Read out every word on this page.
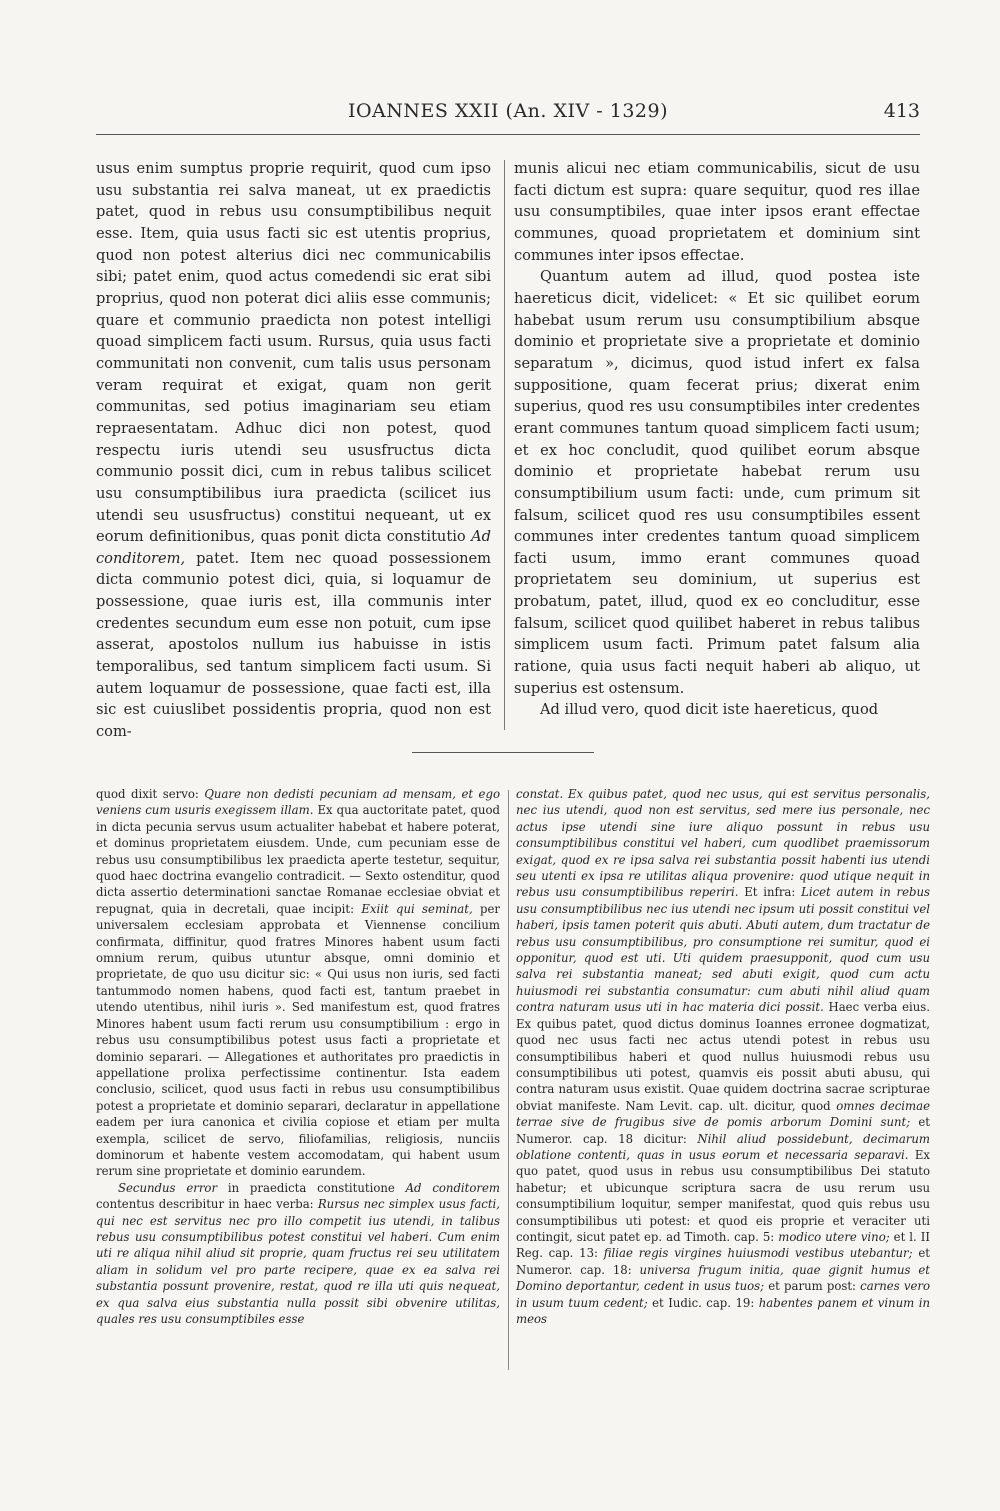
IOANNES XXII (An. XIV - 1329)	413

usus enim sumptus proprie requirit, quod cum ipso usu substantia rei salva maneat, ut ex praedictis patet, quod in rebus usu consumptibilibus nequit esse. Item, quia usus facti sic est utentis proprius, quod non potest alterius dici nec communicabilis sibi; patet enim, quod actus comedendi sic erat sibi proprius, quod non poterat dici aliis esse communis; quare et communio praedicta non potest intelligi quoad simplicem facti usum. Rursus, quia usus facti communitati non convenit, cum talis usus personam veram requirat et exigat, quam non gerit communitas, sed potius imaginariam seu etiam repraesentatam. Adhuc dici non potest, quod respectu iuris utendi seu ususfructus dicta communio possit dici, cum in rebus talibus scilicet usu consumptibilibus iura praedicta (scilicet ius utendi seu ususfructus) constitui nequeant, ut ex eorum definitionibus, quas ponit dicta constitutio Ad conditorem, patet. Item nec quoad possessionem dicta communio potest dici, quia, si loquamur de possessione, quae iuris est, illa communis inter credentes secundum eum esse non potuit, cum ipse asserat, apostolos nullum ius habuisse in istis temporalibus, sed tantum simplicem facti usum. Si autem loquamur de possessione, quae facti est, illa sic est cuiuslibet possidentis propria, quod non est com-

munis alicui nec etiam communicabilis, sicut de usu facti dictum est supra: quare sequitur, quod res illae usu consumptibiles, quae inter ipsos erant effectae communes, quoad proprietatem et dominium sint communes inter ipsos effectae.

Quantum autem ad illud, quod postea iste haereticus dicit, videlicet: « Et sic quilibet eorum habebat usum rerum usu consumptibilium absque dominio et proprietate sive a proprietate et dominio separatum », dicimus, quod istud infert ex falsa suppositione, quam fecerat prius; dixerat enim superius, quod res usu consumptibiles inter credentes erant communes tantum quoad simplicem facti usum; et ex hoc concludit, quod quilibet eorum absque dominio et proprietate habebat rerum usu consumptibilium usum facti: unde, cum primum sit falsum, scilicet quod res usu consumptibiles essent communes inter credentes tantum quoad simplicem facti usum, immo erant communes quoad proprietatem seu dominium, ut superius est probatum, patet, illud, quod ex eo concluditur, esse falsum, scilicet quod quilibet haberet in rebus talibus simplicem usum facti. Primum patet falsum alia ratione, quia usus facti nequit haberi ab aliquo, ut superius est ostensum.

Ad illud vero, quod dicit iste haereticus, quod

quod dixit servo: Quare non dedisti pecuniam ad mensam, et ego veniens cum usuris exegissem illam. Ex qua auctoritate patet, quod in dicta pecunia servus usum actualiter habebat et habere poterat, et dominus proprietatem eiusdem. Unde, cum pecuniam esse de rebus usu consumptibilibus lex praedicta aperte testetur, sequitur, quod haec doctrina evangelio contradicit. — Sexto ostenditur, quod dicta assertio determinationi sanctae Romanae ecclesiae obviat et repugnat, quia in decretali, quae incipit: Exiit qui seminat, per universalem ecclesiam approbata et Viennense concilium confirmata, diffinitur, quod fratres Minores habent usum facti omnium rerum, quibus utuntur absque, omni dominio et proprietate, de quo usu dicitur sic: « Qui usus non iuris, sed facti tantummodo nomen habens, quod facti est, tantum praebet in utendo utentibus, nihil iuris ». Sed manifestum est, quod fratres Minores habent usum facti rerum usu consumptibilium : ergo in rebus usu consumptibilibus potest usus facti a proprietate et dominio separari. — Allegationes et authoritates pro praedictis in appellatione prolixa perfectissime continentur. Ista eadem conclusio, scilicet, quod usus facti in rebus usu consumptibilibus potest a proprietate et dominio separari, declaratur in appellatione eadem per iura canonica et civilia copiose et etiam per multa exempla, scilicet de servo, filiofamilias, religiosis, nunciis dominorum et habente vestem accomodatam, qui habent usum rerum sine proprietate et dominio earundem.

Secundus error in praedicta constitutione Ad conditorem contentus describitur in haec verba: Rursus nec simplex usus facti, qui nec est servitus nec pro illo competit ius utendi, in talibus rebus usu consumptibilibus potest constitui vel haberi. Cum enim uti re aliqua nihil aliud sit proprie, quam fructus rei seu utilitatem aliam in solidum vel pro parte recipere, quae ex ea salva rei substantia possunt provenire, restat, quod re illa uti quis nequeat, ex qua salva eius substantia nulla possit sibi obvenire utilitas, quales res usu consumptibiles esse

constat. Ex quibus patet, quod nec usus, qui est servitus personalis, nec ius utendi, quod non est servitus, sed mere ius personale, nec actus ipse utendi sine iure aliquo possunt in rebus usu consumptibilibus constitui vel haberi, cum quodlibet praemissorum exigat, quod ex re ipsa salva rei substantia possit habenti ius utendi seu utenti ex ipsa re utilitas aliqua provenire: quod utique nequit in rebus usu consumptibilibus reperiri. Et infra: Licet autem in rebus usu consumptibilibus nec ius utendi nec ipsum uti possit constitui vel haberi, ipsis tamen poterit quis abuti. Abuti autem, dum tractatur de rebus usu consumptibilibus, pro consumptione rei sumitur, quod ei opponitur, quod est uti. Uti quidem praesupponit, quod cum usu salva rei substantia maneat; sed abuti exigit, quod cum actu huiusmodi rei substantia consumatur: cum abuti nihil aliud quam contra naturam usus uti in hac materia dici possit. Haec verba eius. Ex quibus patet, quod dictus dominus Ioannes erronee dogmatizat, quod nec usus facti nec actus utendi potest in rebus usu consumptibilibus haberi et quod nullus huiusmodi rebus usu consumptibilibus uti potest, quamvis eis possit abuti abusu, qui contra naturam usus existit. Quae quidem doctrina sacrae scripturae obviat manifeste. Nam Levit. cap. ult. dicitur, quod omnes decimae terrae sive de frugibus sive de pomis arborum Domini sunt; et Numeror. cap. 18 dicitur: Nihil aliud possidebunt, decimarum oblatione contenti, quas in usus eorum et necessaria separavi. Ex quo patet, quod usus in rebus usu consumptibilibus Dei statuto habetur; et ubicunque scriptura sacra de usu rerum usu consumptibilium loquitur, semper manifestat, quod quis rebus usu consumptibilibus uti potest: et quod eis proprie et veraciter uti contingit, sicut patet ep. ad Timoth. cap. 5: modico utere vino; et l. II Reg. cap. 13: filiae regis virgines huiusmodi vestibus utebantur; et Numeror. cap. 18: universa frugum initia, quae gignit humus et Domino deportantur, cedent in usus tuos; et parum post: carnes vero in usum tuum cedent; et Iudic. cap. 19: habentes panem et vinum in meos
